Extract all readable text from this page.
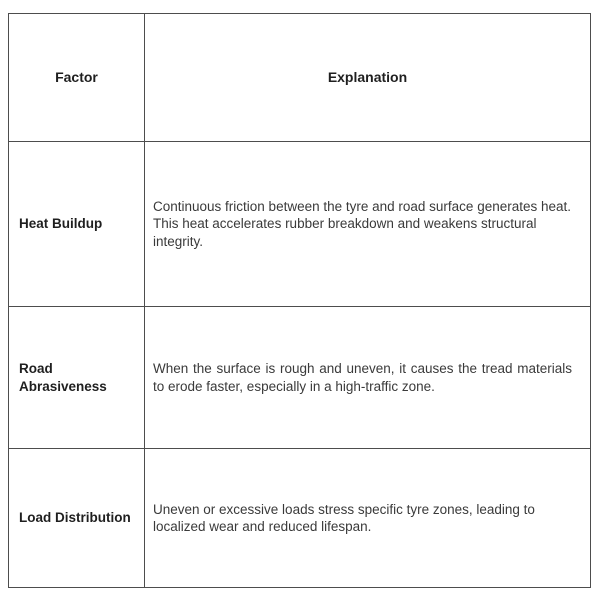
Factor	Explanation
Heat Buildup

Continuous friction between the tyre and road surface generates heat. This heat accelerates rubber breakdown and weakens structural integrity.

Road Abrasiveness

When the surface is rough and uneven, it causes the tread materials to erode faster, especially in a high-traffic zone.

Load Distribution

Uneven or excessive loads stress specific tyre zones, leading to localized wear and reduced lifespan.
